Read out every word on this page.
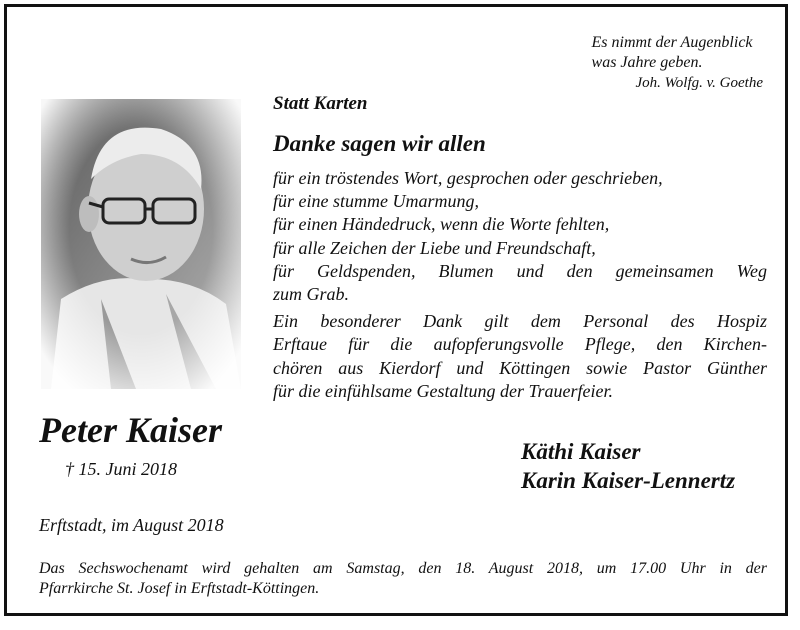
Es nimmt der Augenblick
was Jahre geben.
Joh. Wolfg. v. Goethe
Statt Karten
Danke sagen wir allen
für ein tröstendes Wort, gesprochen oder geschrieben,
für eine stumme Umarmung,
für einen Händedruck, wenn die Worte fehlten,
für alle Zeichen der Liebe und Freundschaft,
für Geldspenden, Blumen und den gemeinsamen Weg
zum Grab.
Ein besonderer Dank gilt dem Personal des Hospiz
Erftaue für die aufopferungsvolle Pflege, den Kirchen-
chören aus Kierdorf und Köttingen sowie Pastor Günther
für die einfühlsame Gestaltung der Trauerfeier.
Peter Kaiser
† 15. Juni 2018
Käthi Kaiser
Karin Kaiser-Lennertz
Erftstadt, im August 2018
Das Sechswochenamt wird gehalten am Samstag, den 18. August 2018, um 17.00 Uhr in der
Pfarrkirche St. Josef in Erftstadt-Köttingen.
